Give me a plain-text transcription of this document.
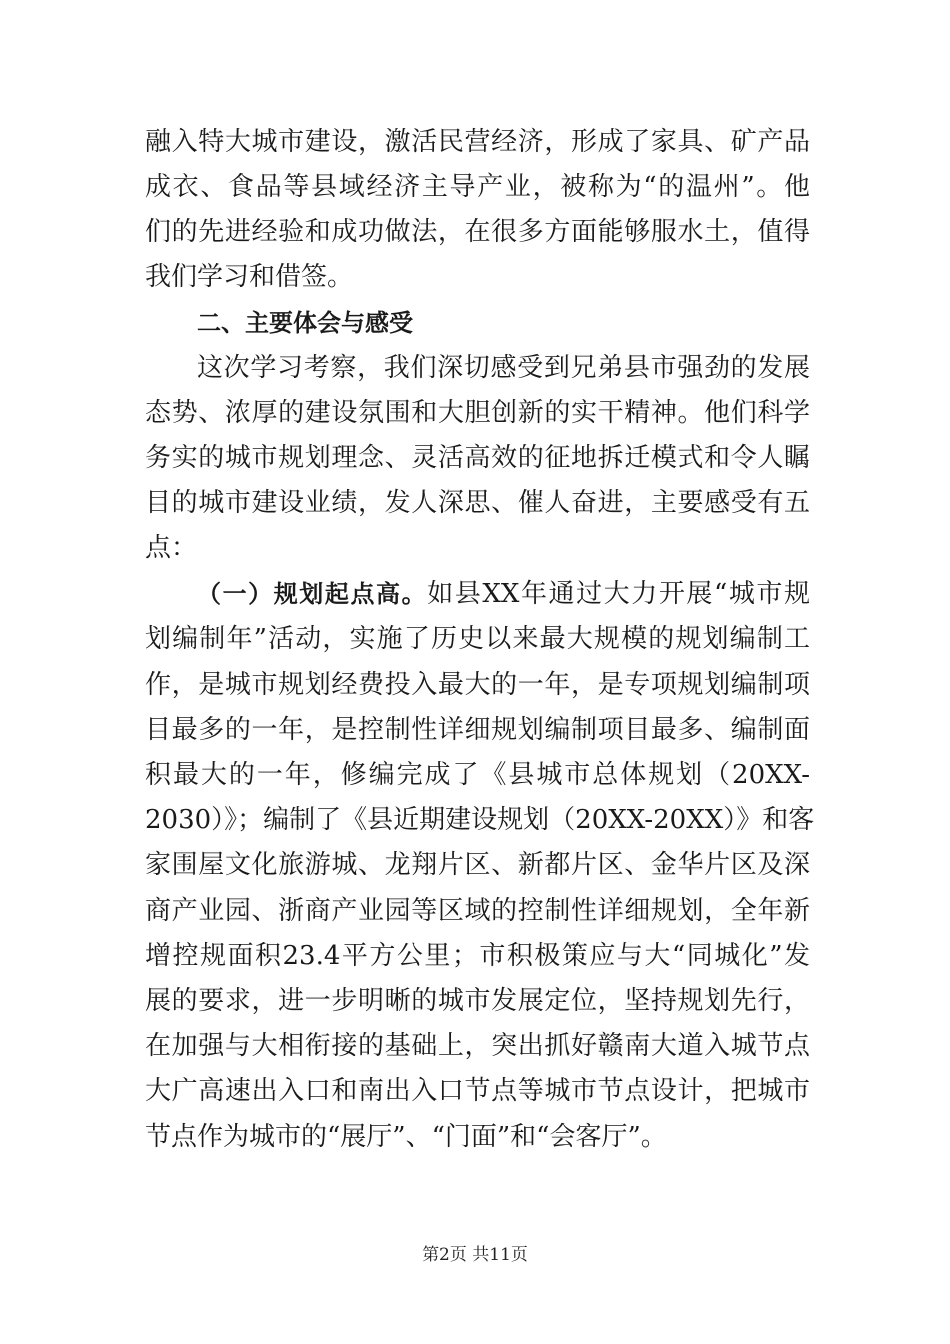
融入特大城市建设，激活民营经济，形成了家具、矿产品
成衣、食品等县域经济主导产业，被称为“的温州”。他
们的先进经验和成功做法，在很多方面能够服水土，值得
我们学习和借签。
二、主要体会与感受
这次学习考察，我们深切感受到兄弟县市强劲的发展
态势、浓厚的建设氛围和大胆创新的实干精神。他们科学
务实的城市规划理念、灵活高效的征地拆迁模式和令人瞩
目的城市建设业绩，发人深思、催人奋进，主要感受有五
点：
（一）规划起点高。如县XX年通过大力开展“城市规
划编制年”活动，实施了历史以来最大规模的规划编制工
作，是城市规划经费投入最大的一年，是专项规划编制项
目最多的一年，是控制性详细规划编制项目最多、编制面
积最大的一年，修编完成了《县城市总体规划（20XX-
2030）》；编制了《县近期建设规划（20XX-20XX）》和客
家围屋文化旅游城、龙翔片区、新都片区、金华片区及深
商产业园、浙商产业园等区域的控制性详细规划，全年新
增控规面积23.4平方公里；市积极策应与大“同城化”发
展的要求，进一步明晰的城市发展定位，坚持规划先行，
在加强与大相衔接的基础上，突出抓好赣南大道入城节点
大广高速出入口和南出入口节点等城市节点设计，把城市
节点作为城市的“展厅”、“门面”和“会客厅”。
第2页 共11页
